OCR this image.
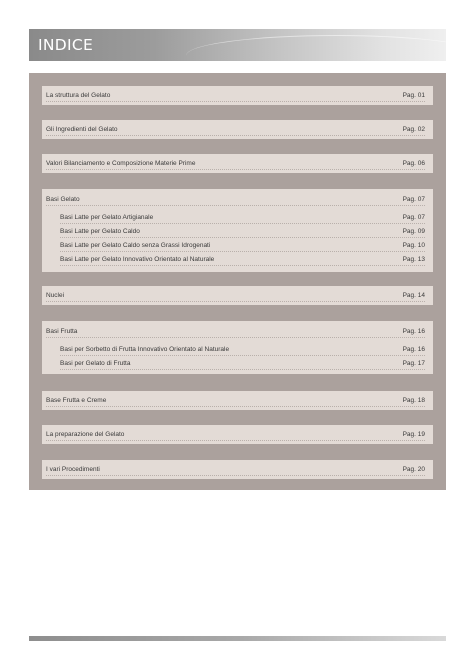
INDICE
La struttura del Gelato	Pag. 01
Gli Ingredienti del Gelato	Pag. 02
Valori Bilanciamento e Composizione Materie Prime	Pag. 06
Basi Gelato	Pag. 07
Basi Latte per Gelato Artigianale	Pag. 07
Basi Latte per Gelato Caldo	Pag. 09
Basi Latte per Gelato Caldo senza Grassi Idrogenati	Pag. 10
Basi Latte per Gelato Innovativo Orientato al Naturale	Pag. 13
Nuclei	Pag. 14
Basi Frutta	Pag. 16
Basi per Sorbetto di Frutta Innovativo Orientato al Naturale	Pag. 16
Basi per Gelato di Frutta	Pag. 17
Base Frutta e Creme	Pag. 18
La preparazione del Gelato	Pag. 19
I vari Procedimenti	Pag. 20
